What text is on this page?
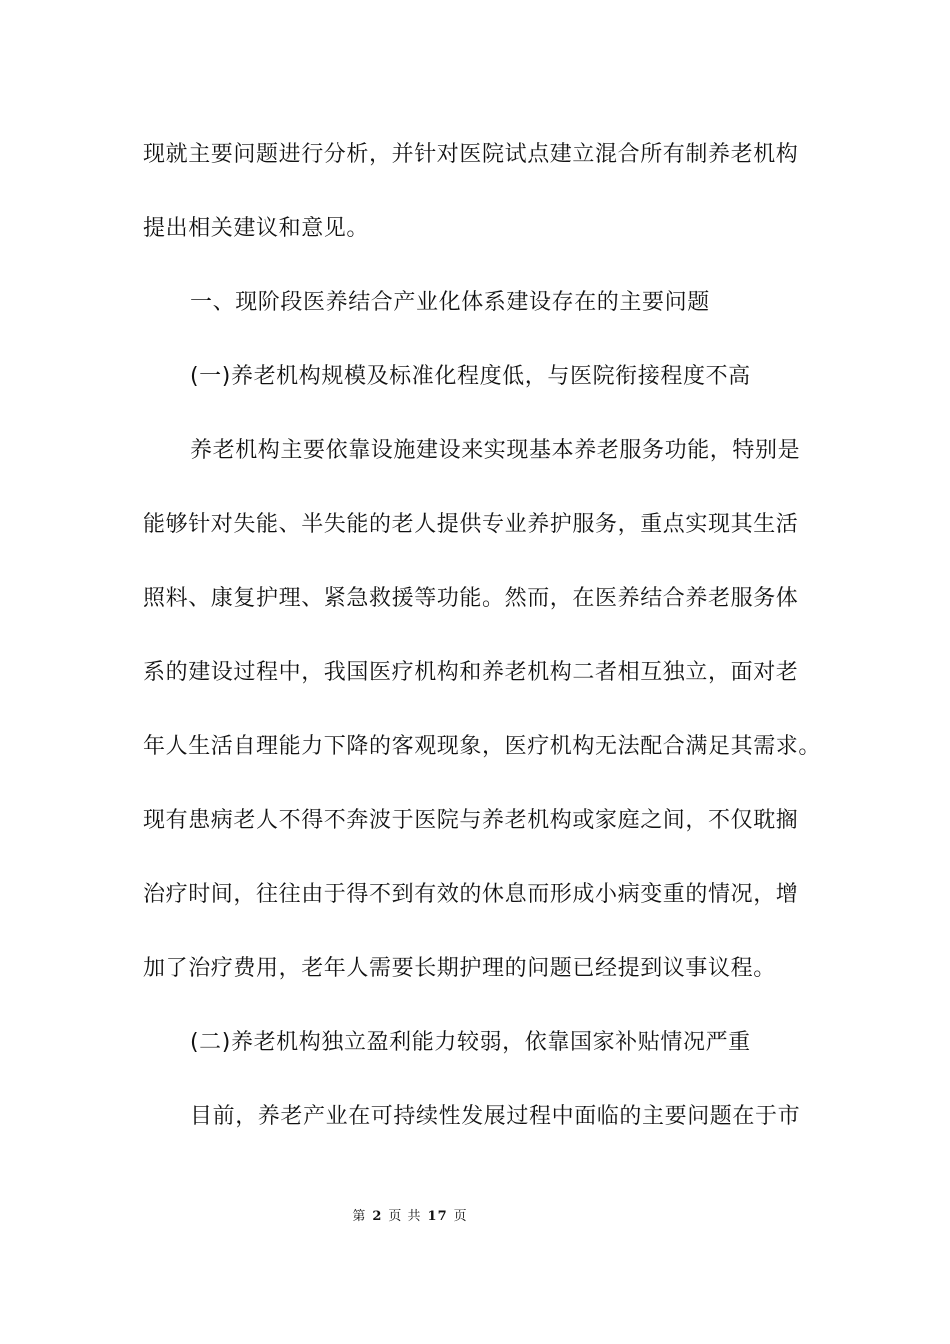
现就主要问题进行分析，并针对医院试点建立混合所有制养老机构
提出相关建议和意见。
一、现阶段医养结合产业化体系建设存在的主要问题
(一)养老机构规模及标准化程度低，与医院衔接程度不高
养老机构主要依靠设施建设来实现基本养老服务功能，特别是
能够针对失能、半失能的老人提供专业养护服务，重点实现其生活
照料、康复护理、紧急救援等功能。然而，在医养结合养老服务体
系的建设过程中，我国医疗机构和养老机构二者相互独立，面对老
年人生活自理能力下降的客观现象，医疗机构无法配合满足其需求。
现有患病老人不得不奔波于医院与养老机构或家庭之间，不仅耽搁
治疗时间，往往由于得不到有效的休息而形成小病变重的情况，增
加了治疗费用，老年人需要长期护理的问题已经提到议事议程。
(二)养老机构独立盈利能力较弱，依靠国家补贴情况严重
目前，养老产业在可持续性发展过程中面临的主要问题在于市
第 2 页 共 17 页
